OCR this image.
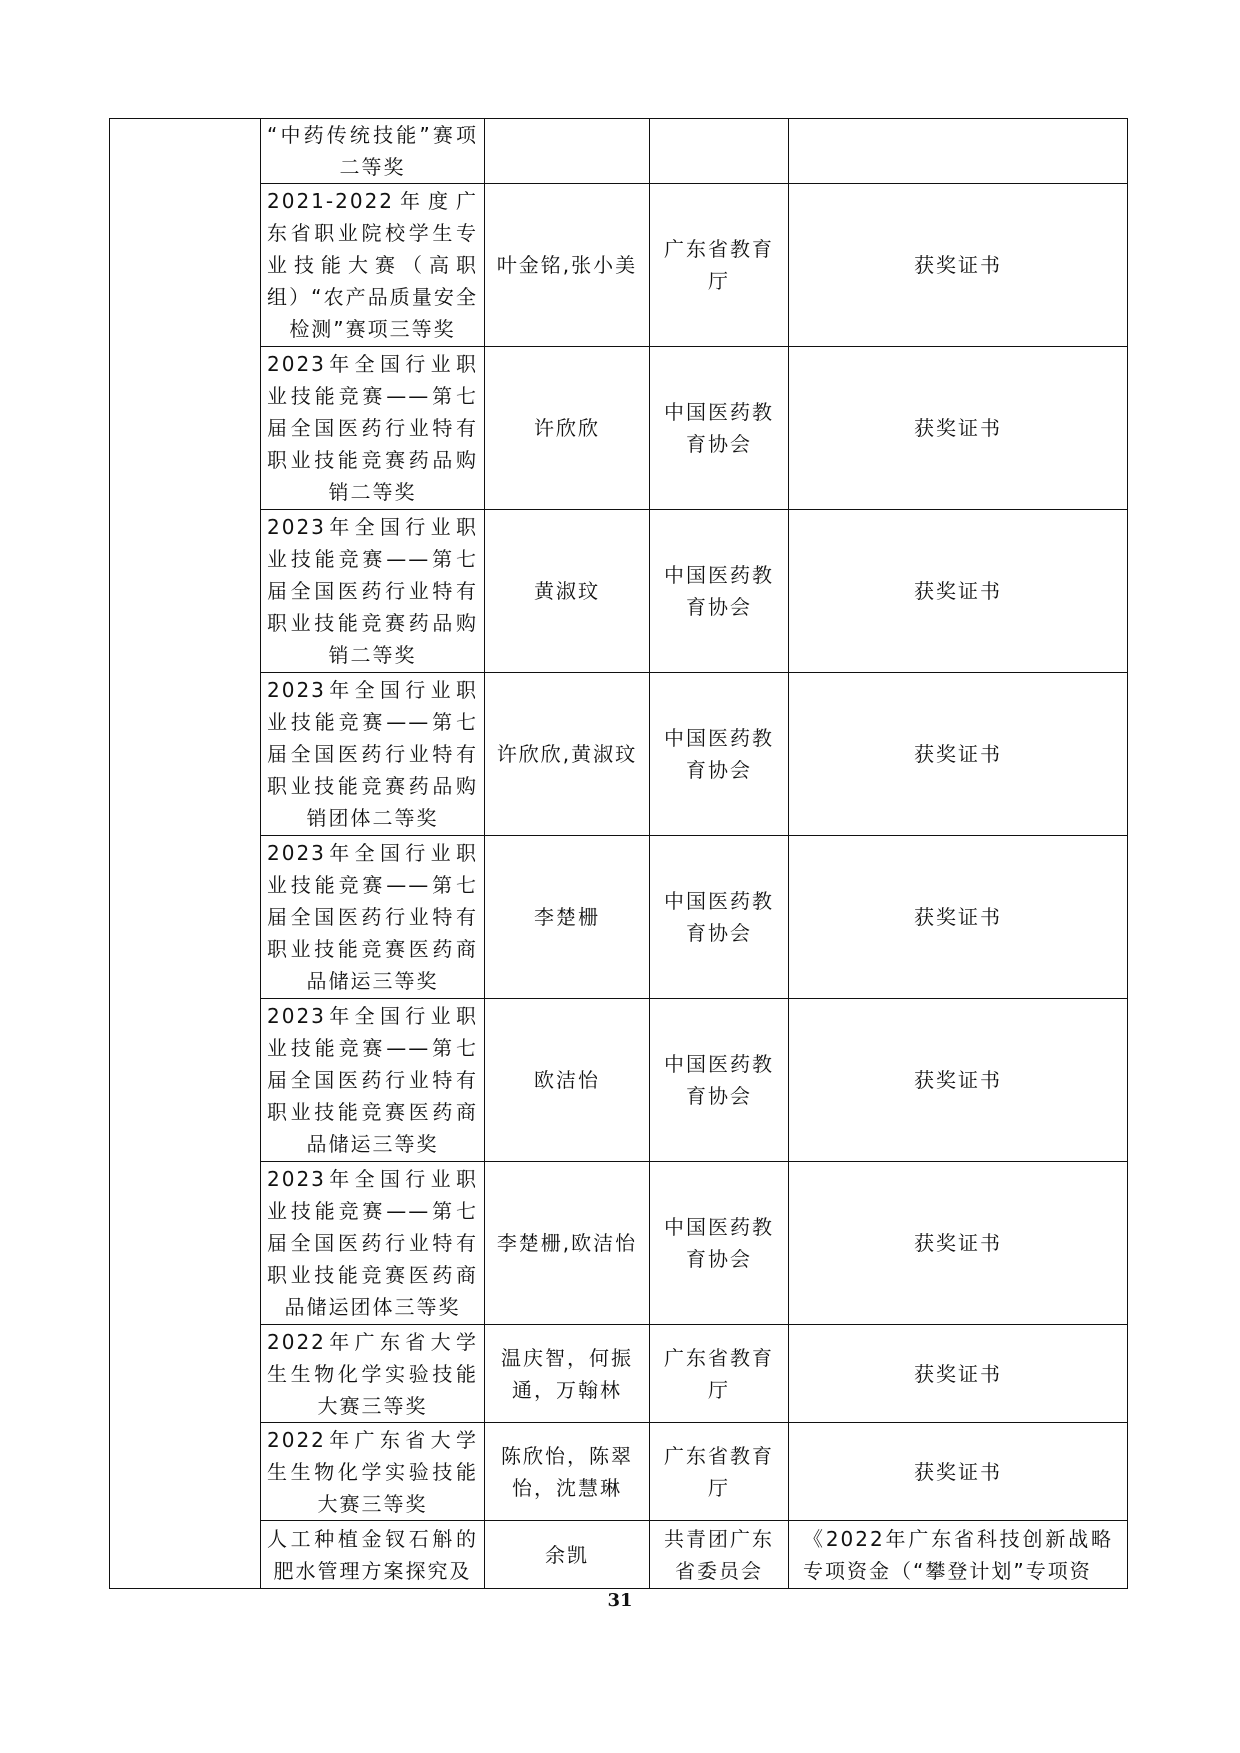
	“中药传统技能”赛项二等奖			
	2021-2022年度广东省职业院校学生专业技能大赛（高职组）“农产品质量安全检测”赛项三等奖	叶金铭,张小美	广东省教育厅	获奖证书
	2023年全国行业职业技能竞赛——第七届全国医药行业特有职业技能竞赛药品购销二等奖	许欣欣	中国医药教育协会	获奖证书
	2023年全国行业职业技能竞赛——第七届全国医药行业特有职业技能竞赛药品购销二等奖	黄淑玟	中国医药教育协会	获奖证书
	2023年全国行业职业技能竞赛——第七届全国医药行业特有职业技能竞赛药品购销团体二等奖	许欣欣,黄淑玟	中国医药教育协会	获奖证书
	2023年全国行业职业技能竞赛——第七届全国医药行业特有职业技能竞赛医药商品储运三等奖	李楚栅	中国医药教育协会	获奖证书
	2023年全国行业职业技能竞赛——第七届全国医药行业特有职业技能竞赛医药商品储运三等奖	欧洁怡	中国医药教育协会	获奖证书
	2023年全国行业职业技能竞赛——第七届全国医药行业特有职业技能竞赛医药商品储运团体三等奖	李楚栅,欧洁怡	中国医药教育协会	获奖证书
	2022年广东省大学生生物化学实验技能大赛三等奖	温庆智，何振通，万翰林	广东省教育厅	获奖证书
	2022年广东省大学生生物化学实验技能大赛三等奖	陈欣怡，陈翠怡，沈慧琳	广东省教育厅	获奖证书
	人工种植金钗石斛的肥水管理方案探究及	余凯	共青团广东省委员会	《2022年广东省科技创新战略专项资金（“攀登计划”专项资
31
